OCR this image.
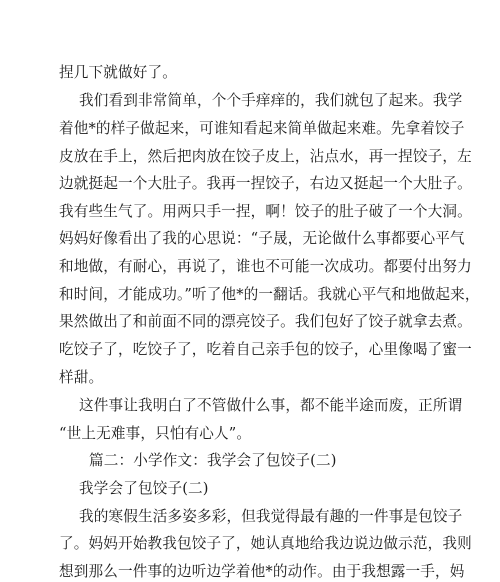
捏几下就做好了。
我们看到非常简单，个个手痒痒的，我们就包了起来。我学
着他*的样子做起来，可谁知看起来简单做起来难。先拿着饺子
皮放在手上，然后把肉放在饺子皮上，沾点水，再一捏饺子，左
边就挺起一个大肚子。我再一捏饺子，右边又挺起一个大肚子。
我有些生气了。用两只手一捏，啊！饺子的肚子破了一个大洞。
妈妈好像看出了我的心思说：“子晟，无论做什么事都要心平气
和地做，有耐心，再说了，谁也不可能一次成功。都要付出努力
和时间，才能成功。”听了他*的一翻话。我就心平气和地做起来，
果然做出了和前面不同的漂亮饺子。我们包好了饺子就拿去煮。
吃饺子了，吃饺子了，吃着自己亲手包的饺子，心里像喝了蜜一
样甜。
这件事让我明白了不管做什么事，都不能半途而废，正所谓
“世上无难事，只怕有心人”。
篇二：小学作文：我学会了包饺子(二)
我学会了包饺子(二)
我的寒假生活多姿多彩，但我觉得最有趣的一件事是包饺子
了。妈妈开始教我包饺子了，她认真地给我边说边做示范，我则
想到那么一件事的边听边学着他*的动作。由于我想露一手，妈
